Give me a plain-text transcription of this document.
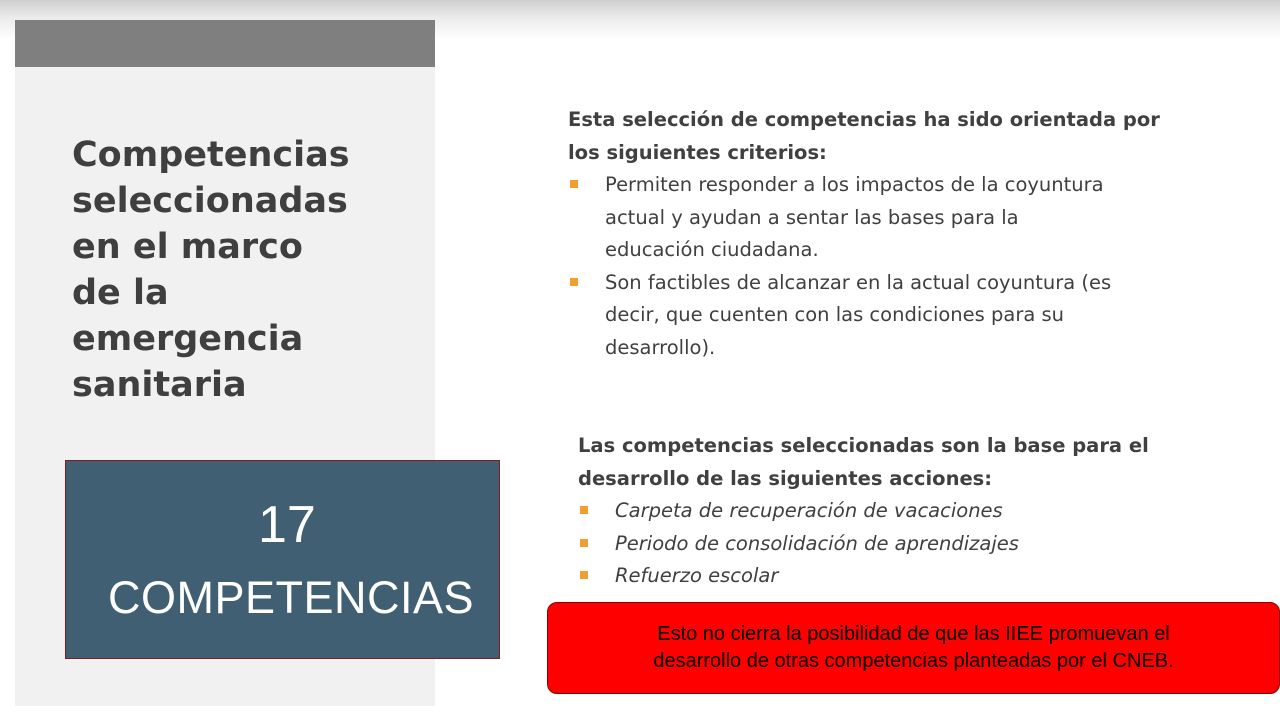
Competencias
seleccionadas
en el marco
de la
emergencia
sanitaria

Esta selección de competencias ha sido orientada por
los siguientes criterios:

Permiten responder a los impactos de la coyuntura
actual y ayudan a sentar las bases para la
educación ciudadana.
Son factibles de alcanzar en la actual coyuntura (es
decir, que cuenten con las condiciones para su
desarrollo).

Las competencias seleccionadas son la base para el
desarrollo de las siguientes acciones:

Carpeta de recuperación de vacaciones
Periodo de consolidación de aprendizajes
Refuerzo escolar
17
COMPETENCIAS
Esto no cierra la posibilidad de que las IIEE promuevan el
desarrollo de otras competencias planteadas por el CNEB.
